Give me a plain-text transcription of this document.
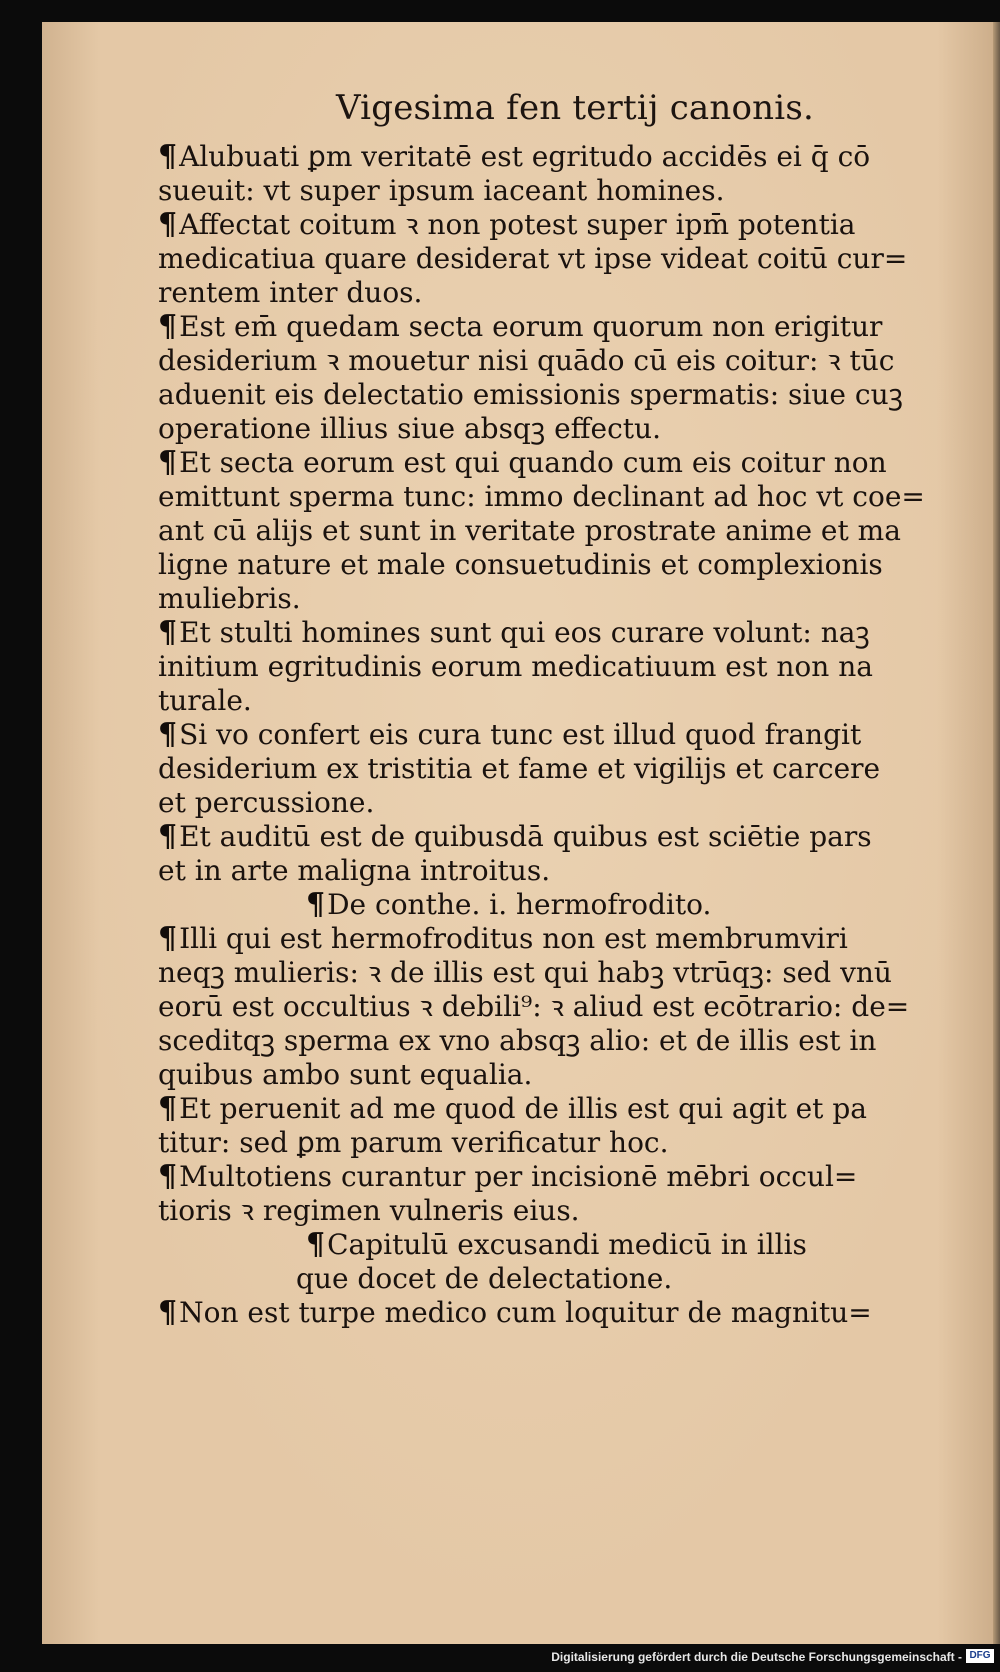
Vigesima fen tertij canonis.
¶Alubuati ꝑm veritatē est egritudo accidēs ei q̄ cō
sueuit: vt super ipsum iaceant homines.
¶Affectat coitum ꝛ non potest super ipm̄ potentia
medicatiua quare desiderat vt ipse videat coitū cur=
rentem inter duos.
¶Est em̄ quedam secta eorum quorum non erigitur
desiderium ꝛ mouetur nisi quādo cū eis coitur: ꝛ tūc
aduenit eis delectatio emissionis spermatis: siue cuꝫ
operatione illius siue absqꝫ effectu.
¶Et secta eorum est qui quando cum eis coitur non
emittunt sperma tunc: immo declinant ad hoc vt coe=
ant cū alijs et sunt in veritate prostrate anime et ma
ligne nature et male consuetudinis et complexionis
muliebris.
¶Et stulti homines sunt qui eos curare volunt: naꝫ
initium egritudinis eorum medicatiuum est non na
turale.
¶Si vo confert eis cura tunc est illud quod frangit
desiderium ex tristitia et fame et vigilijs et carcere
et percussione.
¶Et auditū est de quibusdā quibus est sciētie pars
et in arte maligna introitus.
¶De conthe. i. hermofrodito.
¶Illi qui est hermofroditus non est membrumviri
neqꝫ mulieris: ꝛ de illis est qui habꝫ vtrūqꝫ: sed vnū
eorū est occultius ꝛ debili⁹: ꝛ aliud est ecōtrario: de=
sceditqꝫ sperma ex vno absqꝫ alio: et de illis est in
quibus ambo sunt equalia.
¶Et peruenit ad me quod de illis est qui agit et pa
titur: sed ꝑm parum verificatur hoc.
¶Multotiens curantur per incisionē mēbri occul=
tioris ꝛ regimen vulneris eius.
¶Capitulū excusandi medicū in illis
que docet de delectatione.
¶Non est turpe medico cum loquitur de magnitu=
Digitalisierung gefördert durch die Deutsche Forschungsgemeinschaft - DFG
